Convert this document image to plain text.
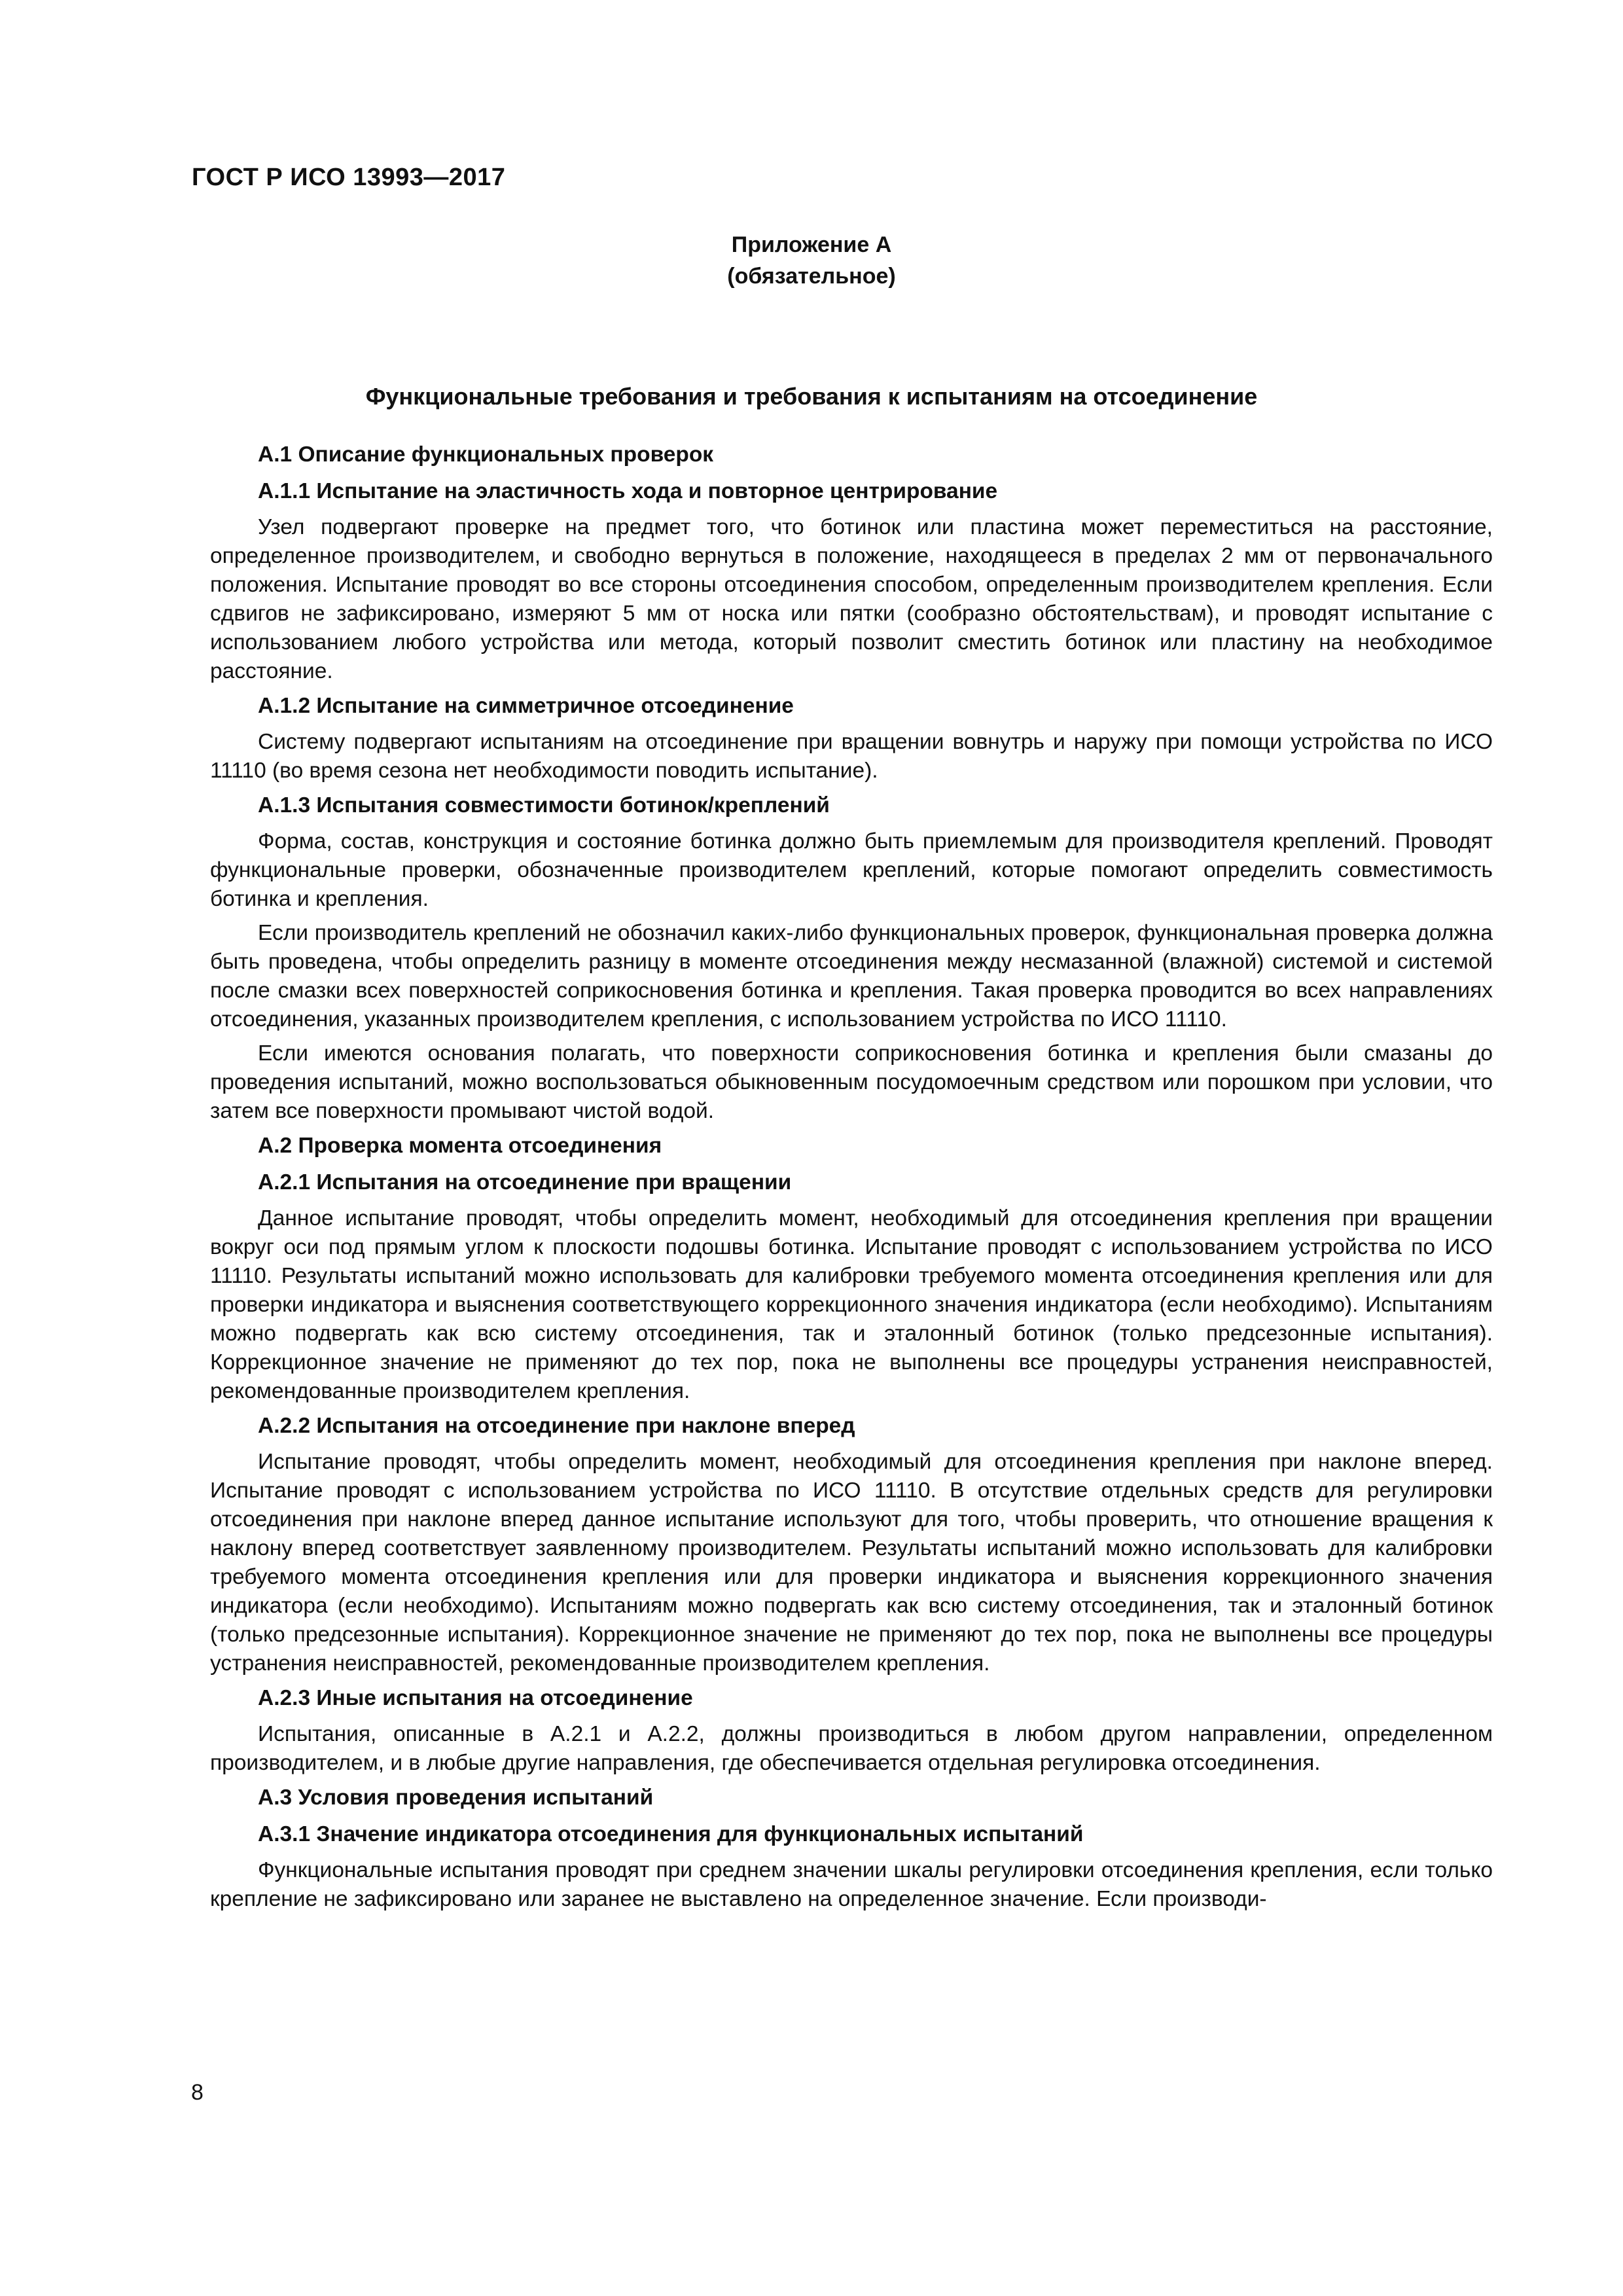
ГОСТ Р ИСО 13993—2017

Приложение А
(обязательное)

Функциональные требования и требования к испытаниям на отсоединение

А.1 Описание функциональных проверок
А.1.1 Испытание на эластичность хода и повторное центрирование
Узел подвергают проверке на предмет того, что ботинок или пластина может переместиться на расстояние, определенное производителем, и свободно вернуться в положение, находящееся в пределах 2 мм от первоначального положения. Испытание проводят во все стороны отсоединения способом, определенным производителем крепления. Если сдвигов не зафиксировано, измеряют 5 мм от носка или пятки (сообразно обстоятельствам), и проводят испытание с использованием любого устройства или метода, который позволит сместить ботинок или пластину на необходимое расстояние.
А.1.2 Испытание на симметричное отсоединение
Систему подвергают испытаниям на отсоединение при вращении вовнутрь и наружу при помощи устройства по ИСО 11110 (во время сезона нет необходимости поводить испытание).
А.1.3 Испытания совместимости ботинок/креплений
Форма, состав, конструкция и состояние ботинка должно быть приемлемым для производителя креплений. Проводят функциональные проверки, обозначенные производителем креплений, которые помогают определить совместимость ботинка и крепления.
Если производитель креплений не обозначил каких-либо функциональных проверок, функциональная проверка должна быть проведена, чтобы определить разницу в моменте отсоединения между несмазанной (влажной) системой и системой после смазки всех поверхностей соприкосновения ботинка и крепления. Такая проверка проводится во всех направлениях отсоединения, указанных производителем крепления, с использованием устройства по ИСО 11110.
Если имеются основания полагать, что поверхности соприкосновения ботинка и крепления были смазаны до проведения испытаний, можно воспользоваться обыкновенным посудомоечным средством или порошком при условии, что затем все поверхности промывают чистой водой.
А.2 Проверка момента отсоединения
А.2.1 Испытания на отсоединение при вращении
Данное испытание проводят, чтобы определить момент, необходимый для отсоединения крепления при вращении вокруг оси под прямым углом к плоскости подошвы ботинка. Испытание проводят с использованием устройства по ИСО 11110. Результаты испытаний можно использовать для калибровки требуемого момента отсоединения крепления или для проверки индикатора и выяснения соответствующего коррекционного значения индикатора (если необходимо). Испытаниям можно подвергать как всю систему отсоединения, так и эталонный ботинок (только предсезонные испытания). Коррекционное значение не применяют до тех пор, пока не выполнены все процедуры устранения неисправностей, рекомендованные производителем крепления.
А.2.2 Испытания на отсоединение при наклоне вперед
Испытание проводят, чтобы определить момент, необходимый для отсоединения крепления при наклоне вперед. Испытание проводят с использованием устройства по ИСО 11110. В отсутствие отдельных средств для регулировки отсоединения при наклоне вперед данное испытание используют для того, чтобы проверить, что отношение вращения к наклону вперед соответствует заявленному производителем. Результаты испытаний можно использовать для калибровки требуемого момента отсоединения крепления или для проверки индикатора и выяснения коррекционного значения индикатора (если необходимо). Испытаниям можно подвергать как всю систему отсоединения, так и эталонный ботинок (только предсезонные испытания). Коррекционное значение не применяют до тех пор, пока не выполнены все процедуры устранения неисправностей, рекомендованные производителем крепления.
А.2.3 Иные испытания на отсоединение
Испытания, описанные в А.2.1 и А.2.2, должны производиться в любом другом направлении, определенном производителем, и в любые другие направления, где обеспечивается отдельная регулировка отсоединения.
А.3 Условия проведения испытаний
А.3.1 Значение индикатора отсоединения для функциональных испытаний
Функциональные испытания проводят при среднем значении шкалы регулировки отсоединения крепления, если только крепление не зафиксировано или заранее не выставлено на определенное значение. Если производи-

8
